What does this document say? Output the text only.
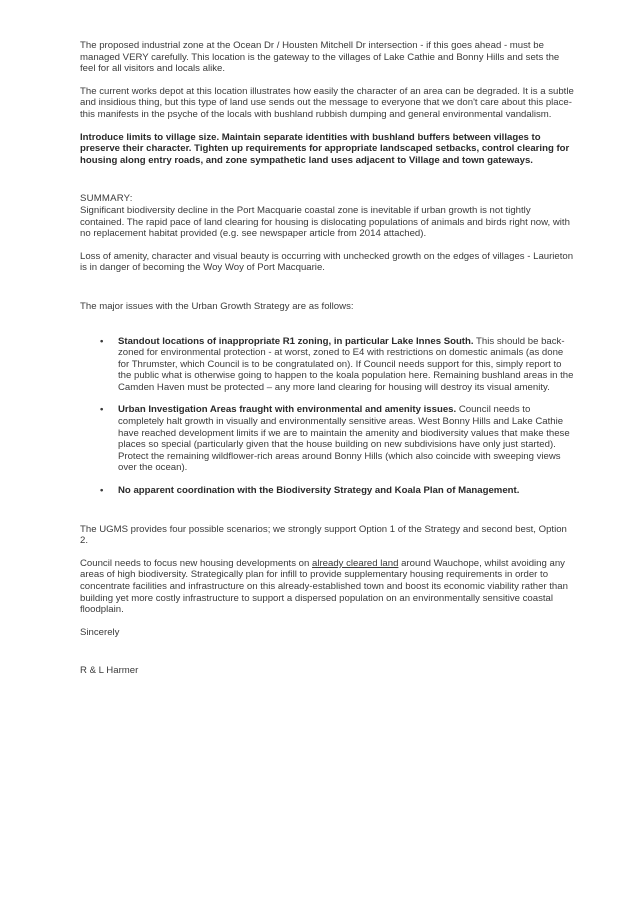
The proposed industrial zone at the Ocean Dr / Housten Mitchell Dr intersection - if this goes ahead - must be managed VERY carefully. This location is the gateway to the villages of Lake Cathie and Bonny Hills and sets the feel for all visitors and locals alike.

The current works depot at this location illustrates how easily the character of an area can be degraded. It is a subtle and insidious thing, but this type of land use sends out the message to everyone that we don't care about this place- this manifests in the psyche of the locals with bushland rubbish dumping and general environmental vandalism.

Introduce limits to village size. Maintain separate identities with bushland buffers between villages to preserve their character. Tighten up requirements for appropriate landscaped setbacks, control clearing for housing along entry roads, and zone sympathetic land uses adjacent to Village and town gateways.

SUMMARY:

Significant biodiversity decline in the Port Macquarie coastal zone is inevitable if urban growth is not tightly contained. The rapid pace of land clearing for housing is dislocating populations of animals and birds right now, with no replacement habitat provided (e.g. see newspaper article from 2014 attached).

Loss of amenity, character and visual beauty is occurring with unchecked growth on the edges of villages - Laurieton is in danger of becoming the Woy Woy of Port Macquarie.

The major issues with the Urban Growth Strategy are as follows:

• Standout locations of inappropriate R1 zoning, in particular Lake Innes South. This should be back-zoned for environmental protection - at worst, zoned to E4 with restrictions on domestic animals (as done for Thrumster, which Council is to be congratulated on). If Council needs support for this, simply report to the public what is otherwise going to happen to the koala population here. Remaining bushland areas in the Camden Haven must be protected – any more land clearing for housing will destroy its visual amenity.
• Urban Investigation Areas fraught with environmental and amenity issues. Council needs to completely halt growth in visually and environmentally sensitive areas. West Bonny Hills and Lake Cathie have reached development limits if we are to maintain the amenity and biodiversity values that make these places so special (particularly given that the house building on new subdivisions have only just started). Protect the remaining wildflower-rich areas around Bonny Hills (which also coincide with sweeping views over the ocean).
• No apparent coordination with the Biodiversity Strategy and Koala Plan of Management.

The UGMS provides four possible scenarios; we strongly support Option 1 of the Strategy and second best, Option 2.

Council needs to focus new housing developments on already cleared land around Wauchope, whilst avoiding any areas of high biodiversity. Strategically plan for infill to provide supplementary housing requirements in order to concentrate facilities and infrastructure on this already-established town and boost its economic viability rather than building yet more costly infrastructure to support a dispersed population on an environmentally sensitive coastal floodplain.

Sincerely

R & L Harmer
